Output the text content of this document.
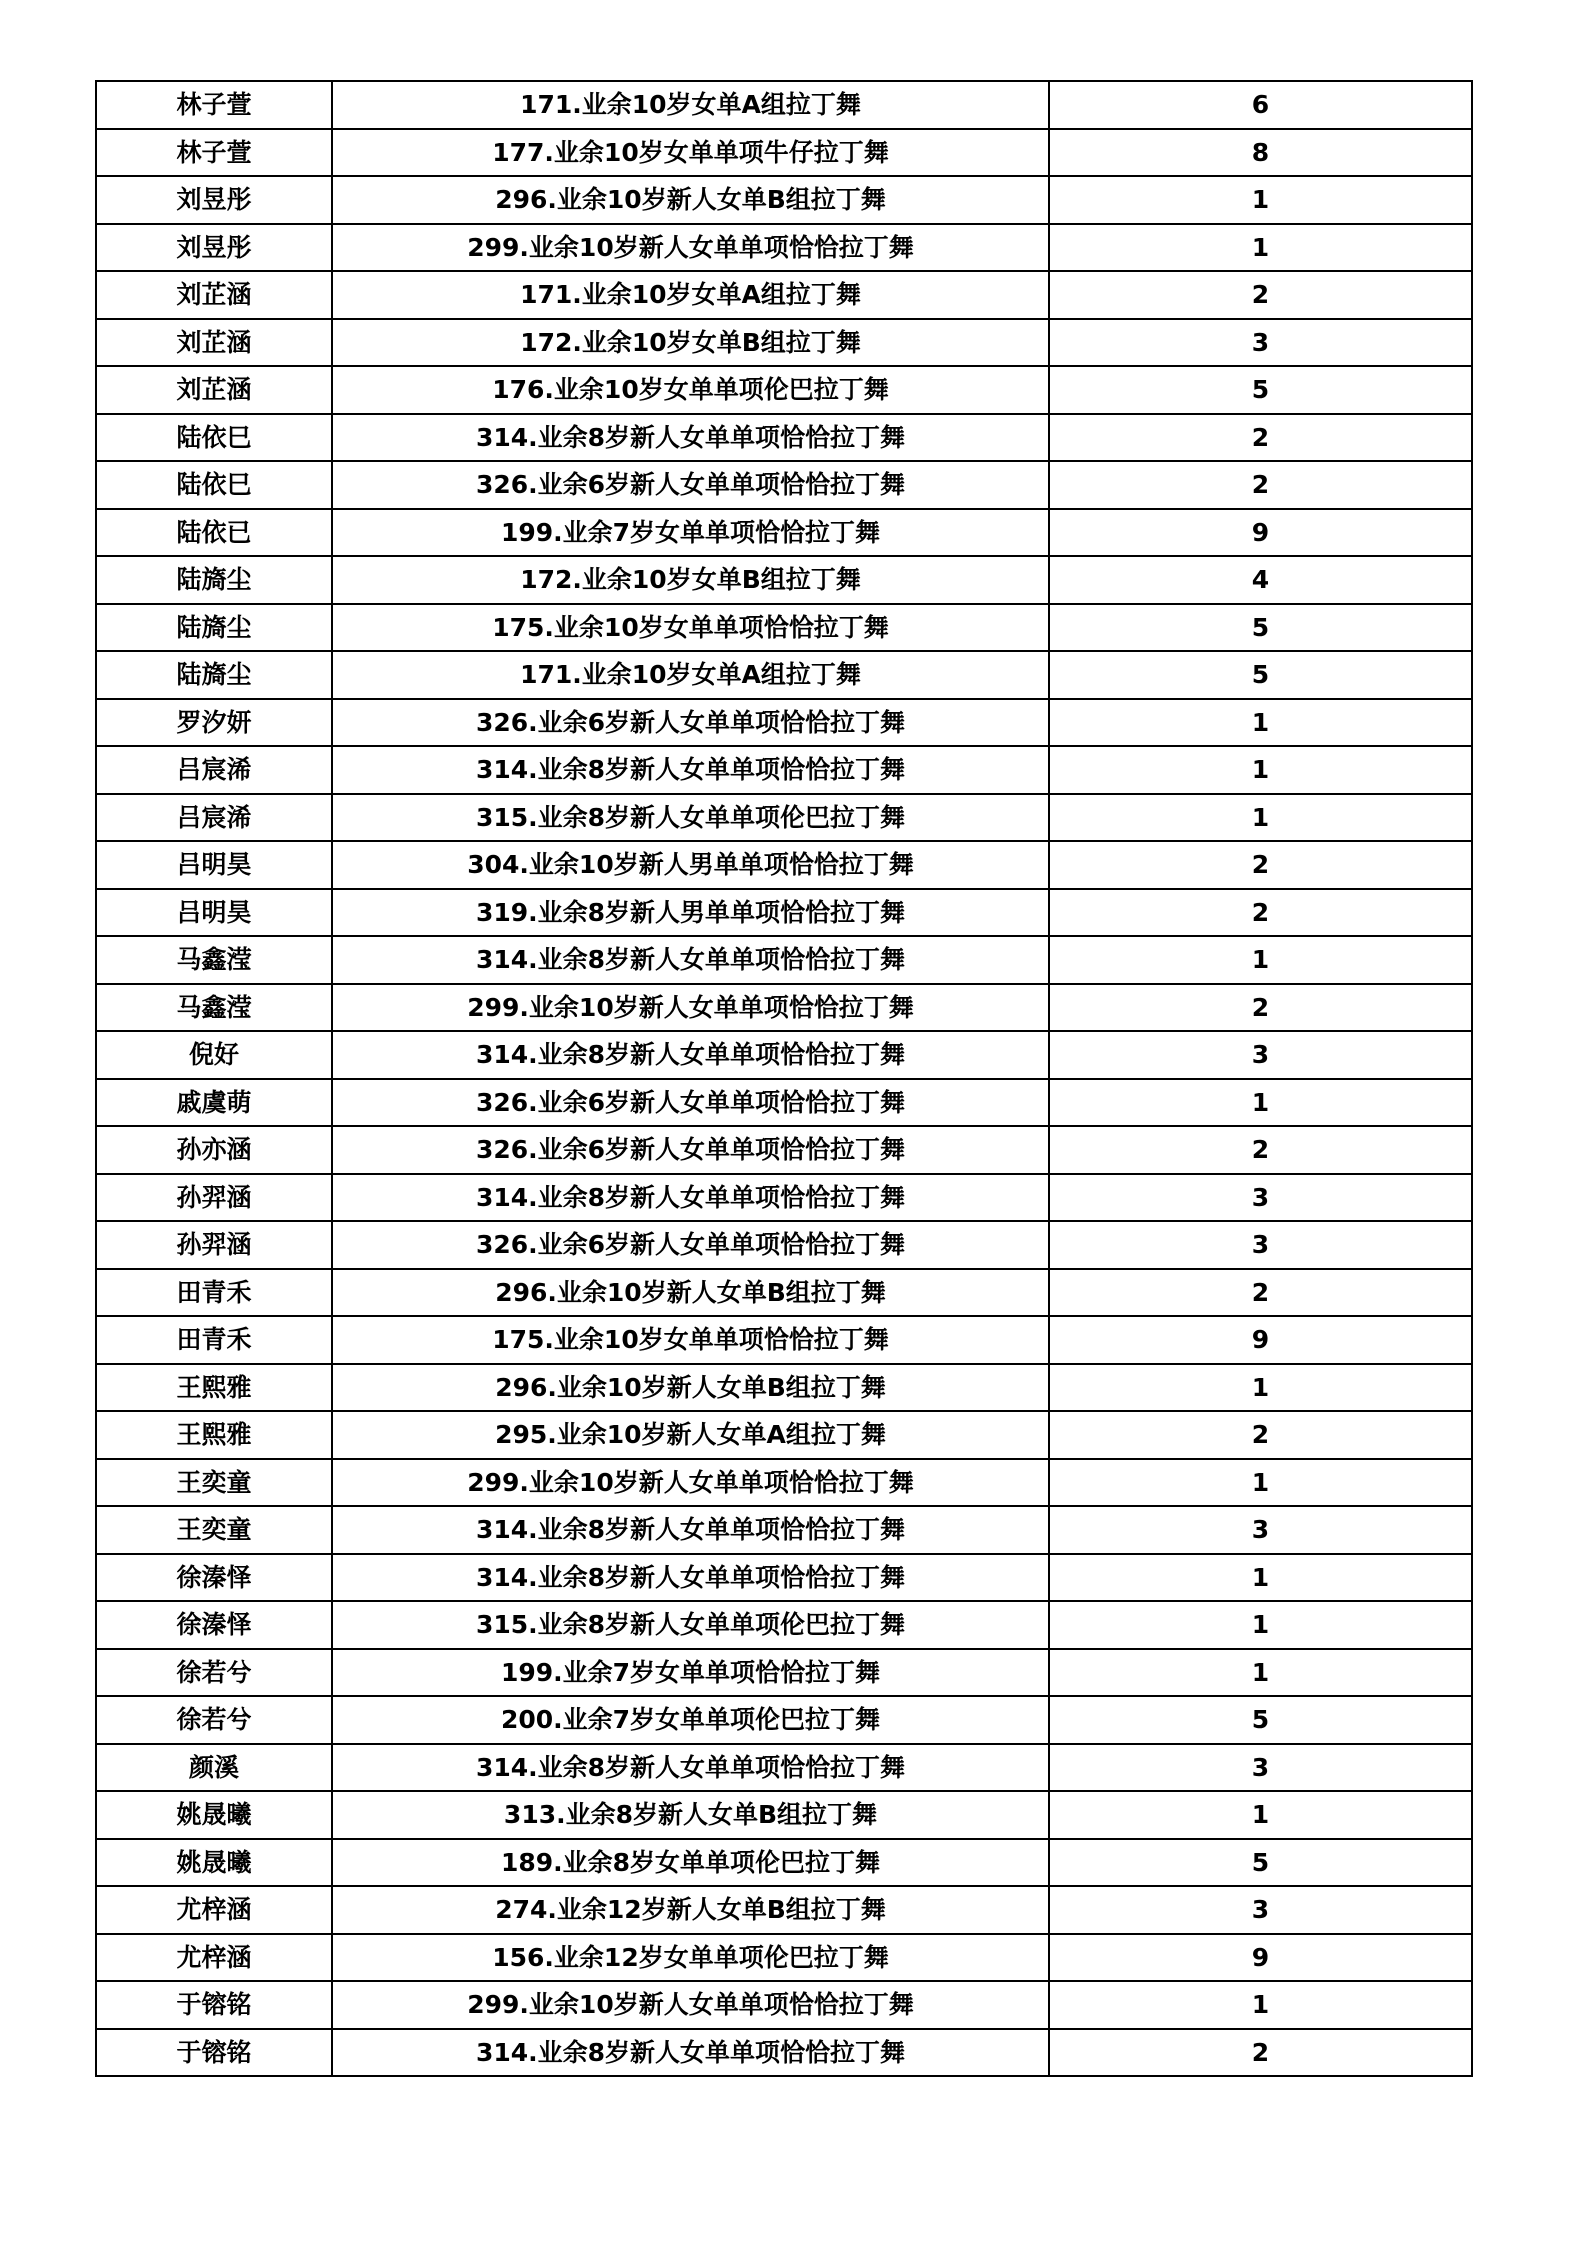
林子萱	171.业余10岁女单A组拉丁舞	6
林子萱	177.业余10岁女单单项牛仔拉丁舞	8
刘昱彤	296.业余10岁新人女单B组拉丁舞	1
刘昱彤	299.业余10岁新人女单单项恰恰拉丁舞	1
刘芷涵	171.业余10岁女单A组拉丁舞	2
刘芷涵	172.业余10岁女单B组拉丁舞	3
刘芷涵	176.业余10岁女单单项伦巴拉丁舞	5
陆依巳	314.业余8岁新人女单单项恰恰拉丁舞	2
陆依巳	326.业余6岁新人女单单项恰恰拉丁舞	2
陆依已	199.业余7岁女单单项恰恰拉丁舞	9
陆旖尘	172.业余10岁女单B组拉丁舞	4
陆旖尘	175.业余10岁女单单项恰恰拉丁舞	5
陆旖尘	171.业余10岁女单A组拉丁舞	5
罗汐妍	326.业余6岁新人女单单项恰恰拉丁舞	1
吕宸浠	314.业余8岁新人女单单项恰恰拉丁舞	1
吕宸浠	315.业余8岁新人女单单项伦巴拉丁舞	1
吕明昊	304.业余10岁新人男单单项恰恰拉丁舞	2
吕明昊	319.业余8岁新人男单单项恰恰拉丁舞	2
马鑫滢	314.业余8岁新人女单单项恰恰拉丁舞	1
马鑫滢	299.业余10岁新人女单单项恰恰拉丁舞	2
倪好	314.业余8岁新人女单单项恰恰拉丁舞	3
戚虞萌	326.业余6岁新人女单单项恰恰拉丁舞	1
孙亦涵	326.业余6岁新人女单单项恰恰拉丁舞	2
孙羿涵	314.业余8岁新人女单单项恰恰拉丁舞	3
孙羿涵	326.业余6岁新人女单单项恰恰拉丁舞	3
田青禾	296.业余10岁新人女单B组拉丁舞	2
田青禾	175.业余10岁女单单项恰恰拉丁舞	9
王熙雅	296.业余10岁新人女单B组拉丁舞	1
王熙雅	295.业余10岁新人女单A组拉丁舞	2
王奕童	299.业余10岁新人女单单项恰恰拉丁舞	1
王奕童	314.业余8岁新人女单单项恰恰拉丁舞	3
徐溱怿	314.业余8岁新人女单单项恰恰拉丁舞	1
徐溱怿	315.业余8岁新人女单单项伦巴拉丁舞	1
徐若兮	199.业余7岁女单单项恰恰拉丁舞	1
徐若兮	200.业余7岁女单单项伦巴拉丁舞	5
颜溪	314.业余8岁新人女单单项恰恰拉丁舞	3
姚晟曦	313.业余8岁新人女单B组拉丁舞	1
姚晟曦	189.业余8岁女单单项伦巴拉丁舞	5
尤梓涵	274.业余12岁新人女单B组拉丁舞	3
尤梓涵	156.业余12岁女单单项伦巴拉丁舞	9
于镕铭	299.业余10岁新人女单单项恰恰拉丁舞	1
于镕铭	314.业余8岁新人女单单项恰恰拉丁舞	2
